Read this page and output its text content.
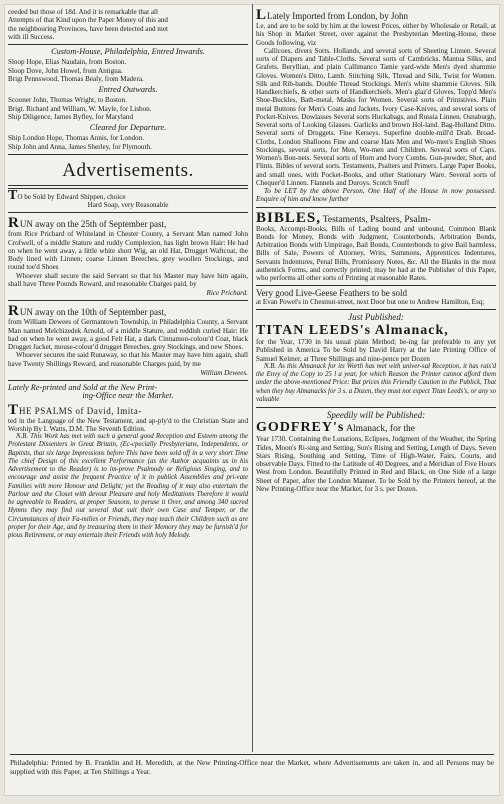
ceeded but those of 18d. And it is remarkable that all

Attempts of that Kind upon the Paper Money of this and

the neighbouring Provinces, have been detected and met

with ill Success.

Custom-House, Philadelphia, Entred Inwards.

Sloop Hope, Elias Naudain, from Boston.

Sloop Dove, John Howel, from Antigua.

Brigt Pennswood, Thomas Bealy, from Madera.

Entred Outwards.

Scooner John, Thomas Wright, to Boston.

Brigt. Richard and William, W. Mayle, for Lisbon.

Ship Diligence, James Byfley, for Maryland

Cleared for Departure.

Ship London Hope, Thomas Annis, for London.

Ship John and Anna, James Sherley, for Plymouth.

Advertisements.

TO be Sold by Edward Shippen, choice

Hard Soap, very Reasonable

RUN away on the 25th of September past,

from Rice Prichard of Whiteland in Chester County, a Servant Man named John Crofwell, of a middle Stature and ruddy Complexion, has light brown Hair: He had on when he went away, a little white short Wig, an old Hat, Drugget Waftcoat, the Body lined with Linnen; coarse Linnen Breeches, grey woollen Stockings, and round toe'd Shoes

Whoever shall secure the said Servant so that his Master may have him again, shall have Three Pounds Reward, and reasonable Charges paid, by

Rice Prichard.

RUN away on the 10th of September past,

from William Dewees of Germantown Township, in Philadelphia County, a Servant Man named Melchizedek Arnold, of a middle Stature, and reddish curled Hair: He had on when he went away, a good Felt Hat, a dark Cinnamon-colour'd Coat, black Drugget Jacket, mouse-colour'd drugget Breeches, grey Stockings, and new Shoes.

Whoever secures the said Runaway, so that his Master may have him again, shall have Twenty Shillings Reward, and reasonable Charges paid, by me

William Dewees.

Lately Re-printed and Sold at the New Print-

ing-Office near the Market.

THE PSALMS of David, Imita-

ted in the Language of the New Testament, and ap-ply'd to the Christian State and Worship By I. Watts, D.M. The Seventh Edition.

N.B. This Work has met with such a general good Reception and Esteem among the Protestant Dissenters in Great Britain, (Ec-cpecially Presbyterians, Independents, or Baptists, that six large Impressions before This have been sold off in a very short Time The chief Design of this excellent Performance (as the Author acquaints us in his Advertisement to the Reader) is to im-prove Psalmody or Religious Singing, and to encourage and assist the frequent Practice of it in publick Assemblies and pri-vate Families with more Honour and Delight; yet the Reading of it may also entertain the Parlour and the Closet with devout Pleasure and holy Meditations Therefore it would be agreeable to Readers, at proper Seasons, to peruse it Over, and among 340 sacred Hymns they may find out several that suit their own Case and Temper, or the Circumstances of their Fa-milies or Friends, they may teach their Children such as are proper for their Age, and by treasuring them in their Memory they may be furnish'd for pious Retirement, or may entertain their Friends with holy Melody.

LLately Imported from London, by John

Le, and are to be sold by him at the lowest Prices, either by Wholesale or Retail, at his Shop in Market Street, over against the Presbyterian Meeting-House, these Goods following, viz

Callicoes, divers Sorts. Hollands, and several sorts of Sheeting Linnen. Several sorts of Diapers and Table-Cloths. Several sorts of Cambricks. Mantua Silks, and Grafets. Beryllian, and plain Callimanco Tamie yard-wide Men's dyed shammie Gloves. Women's Ditto, Lamb. Stitching Silk, Thread and Silk, Twist for Women. Silk and Rib-bands. Double Thread Stockings. Men's white shammie Gloves. Silk Handkerchiefs, & other sorts of Handkerchiefs. Men's glaz'd Gloves, Topp'd Men's Shoe-Buckles, Bath-metal. Masks for Women. Several sorts of Printstives. Plain metal Buttons for Men's Coats and Jackets. Ivory Case-Knives, and several sorts of Pocket-Knives. Dowlasses Several sorts Huckabags, and Russia Linnen. Osnaburgh, Several sorts of Looking Glasses. Garlicks and brown Hol-land. Bag-Holland Ditto. Several sorts of Druggets. Fine Kerseys. Superfine double-mill'd Drab. Broad-Cloths, London Shalloons Fine and coarse Hats Men and Wo-men's English Shoes Stockings, several sorts, for Men, Wo-men and Children. Several sorts of Caps. Women's Bon-nets. Several sorts of Horn and Ivory Combs. Gun-powder, Shot, and Flints. Bibles of several sorts. Testaments, Psalters and Primers. Large Paper Books, and small ones, with Pocket-Books, and other Stationary Ware. Several sorts of Chequer'd Linnen. Flannels and Duroys. Scotch Snuff

To be LET by the above Person, One Half of the House in now possessed. Enquire of him and know further

BIBLES, Testaments, Psalters, Psalm-

Books, Accompt-Books, Bills of Lading bound and unbound, Common Blank Bonds for Money, Bonds with Judgment, Counterbonds, Arbitration Bonds, Arbitration Bonds with Umpirage, Bail Bonds, Counterbonds to give Bail harmless, Bills of Sale, Powers of Attorney, Writs, Summons, Apprentices Indentures, Servants Indentures, Penal Bills, Promissory Notes, &c. All the Blanks in the most authentick Forms, and correctly printed; may be had at the Publisher of this Paper, who performs all other sorts of Printing at reasonable Rates.

Very good Live-Geese Feathers to be sold

at Evan Powel's in Chestnut-street, next Door but one to Andrew Hamilton, Esq;

Just Published:

TITAN LEEDS's Almanack,

for the Year, 1730 in his usual plain Method; be-ing far preferable to any yet Published in America To be Sold by David Harry at the late Printing Office of Samuel Keimer, at Three Shillings and nine-pence per Dozen

N.B. As this Almanack for its Worth has met with univer-sal Reception, it has rais'd the Envy of the Copy to 25 l a year, for which Reason the Printer cannot afford them under the above-mentioned Price: But prices this Friendly Caution to the Publick, That when they buy Almanacks for 3 s. a Dozen, they must not expect Titan Leeds's, or any so valuable

Speedily will be Published:

GODFREY's Almanack, for the

Year 1730. Containing the Lunations, Eclipses, Judgment of the Weather, the Spring Tides, Moon's Ri-sing and Setting, Sun's Rising and Setting, Length of Days, Seven Stars Rising, Southing and Setting, Time of High-Water, Fairs, Courts, and observable Days. Fitted to the Latitude of 40 Degrees, and a Meridian of Five Hours West from London. Beautifully Printed in Red and Black, on One Side of a large Sheet of Paper, after the London Manner. To be Sold by the Printers hereof, at the New Printing-Office near the Market, for 3 s. per Dozen.

Philadelphia: Printed by B. Franklin and H. Meredith, at the New Printing-Office near the Market, where Advertisements are taken in, and all Persons may be supplied with this Paper, at Ten Shillings a Year.
